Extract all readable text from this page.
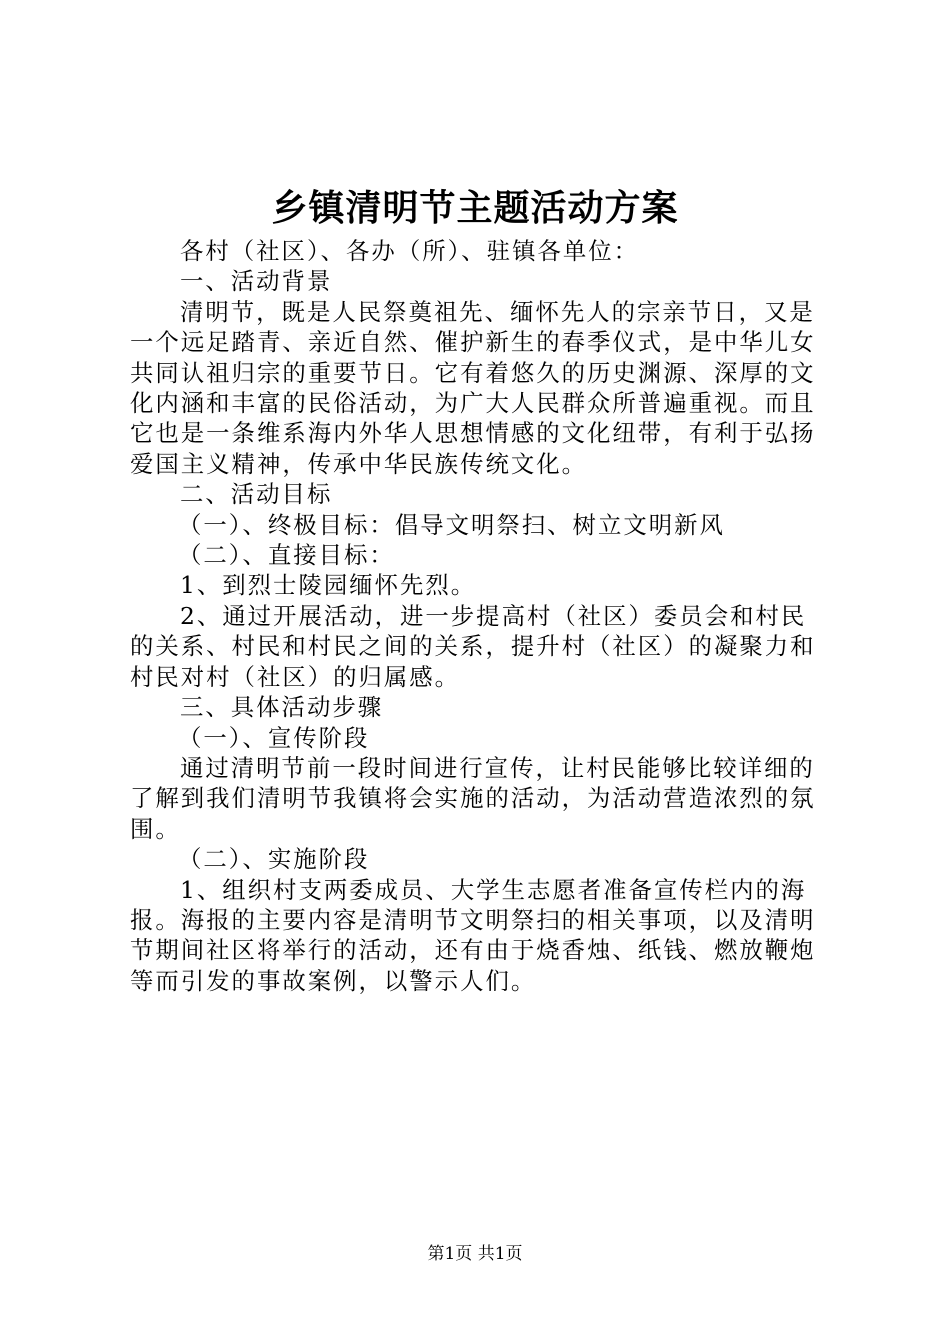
乡镇清明节主题活动方案

各村（社区）、各办（所）、驻镇各单位：

一、活动背景

清明节，既是人民祭奠祖先、缅怀先人的宗亲节日，又是一个远足踏青、亲近自然、催护新生的春季仪式，是中华儿女共同认祖归宗的重要节日。它有着悠久的历史渊源、深厚的文化内涵和丰富的民俗活动，为广大人民群众所普遍重视。而且它也是一条维系海内外华人思想情感的文化纽带，有利于弘扬爱国主义精神，传承中华民族传统文化。

二、活动目标

（一）、终极目标：倡导文明祭扫、树立文明新风

（二）、直接目标：

1、到烈士陵园缅怀先烈。

2、通过开展活动，进一步提高村（社区）委员会和村民的关系、村民和村民之间的关系，提升村（社区）的凝聚力和村民对村（社区）的归属感。

三、具体活动步骤

（一）、宣传阶段

通过清明节前一段时间进行宣传，让村民能够比较详细的了解到我们清明节我镇将会实施的活动，为活动营造浓烈的氛围。

（二）、实施阶段

1、组织村支两委成员、大学生志愿者准备宣传栏内的海报。海报的主要内容是清明节文明祭扫的相关事项，以及清明节期间社区将举行的活动，还有由于烧香烛、纸钱、燃放鞭炮等而引发的事故案例，以警示人们。

第1页 共1页
